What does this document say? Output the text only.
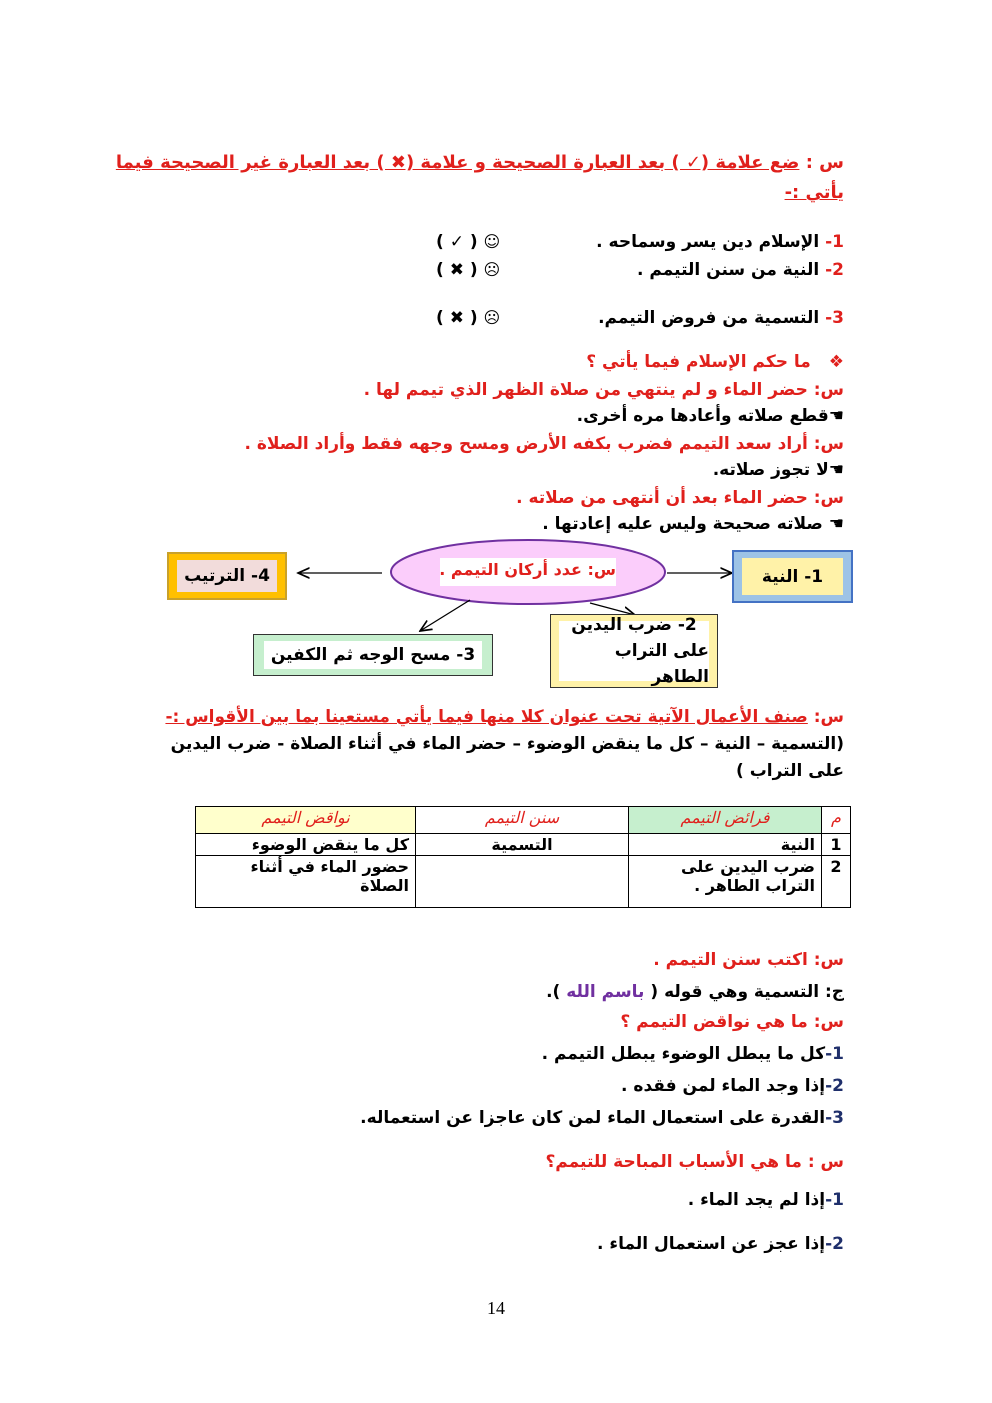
س : ضع علامة (✓ ) بعد العبارة الصحيحة و علامة (✖ ) بعد العبارة غير الصحيحة فيما
يأتي :-
1- الإسلام دين يسر وسماحه .
( ✓ ) ☺
2- النية من سنن التيمم .
( ✖ ) ☹
3- التسمية من فروض التيمم.
( ✖ ) ☹
❖ ما حكم الإسلام فيما يأتي ؟
س: حضر الماء و لم ينتهي من صلاة الظهر الذي تيمم لها .
☚قطع صلاته وأعادها مره أخرى.
س: أراد سعد التيمم فضرب بكفه الأرض ومسح وجهه فقط وأراد الصلاة .
☚لا تجوز صلاته.
س: حضر الماء بعد أن أنتهى من صلاته .
☚ صلاته صحيحة وليس عليه إعادتها .
س: عدد أركان التيمم .	1- النية
4- الترتيب
3- مسح الوجه ثم الكفين
2- ضرب اليدين
على التراب الطاهر
س: صنف الأعمال الآتية تحت عنوان كلا منها فيما يأتي مستعينا بما بين الأقواس :-
(التسمية – النية – كل ما ينقض الوضوء – حضر الماء في أثناء الصلاة - ضرب اليدين
على التراب )
م	فرائض التيمم	سنن التيمم	نواقض التيمم
1	النية	التسمية	كل ما ينقض الوضوء
2	ضرب اليدين على التراب الطاهر .		حضور الماء في أثناء الصلاة
س: اكتب سنن التيمم .
ج: التسمية وهي قوله ( باسم الله ).
س: ما هي نواقض التيمم ؟
1-كل ما يبطل الوضوء يبطل التيمم .
2-إذا وجد الماء لمن فقده .
3-القدرة على استعمال الماء لمن كان عاجزا عن استعماله.
س : ما هي الأسباب المباحة للتيمم؟
1-إذا لم يجد الماء .
2-إذا عجز عن استعمال الماء .
14
